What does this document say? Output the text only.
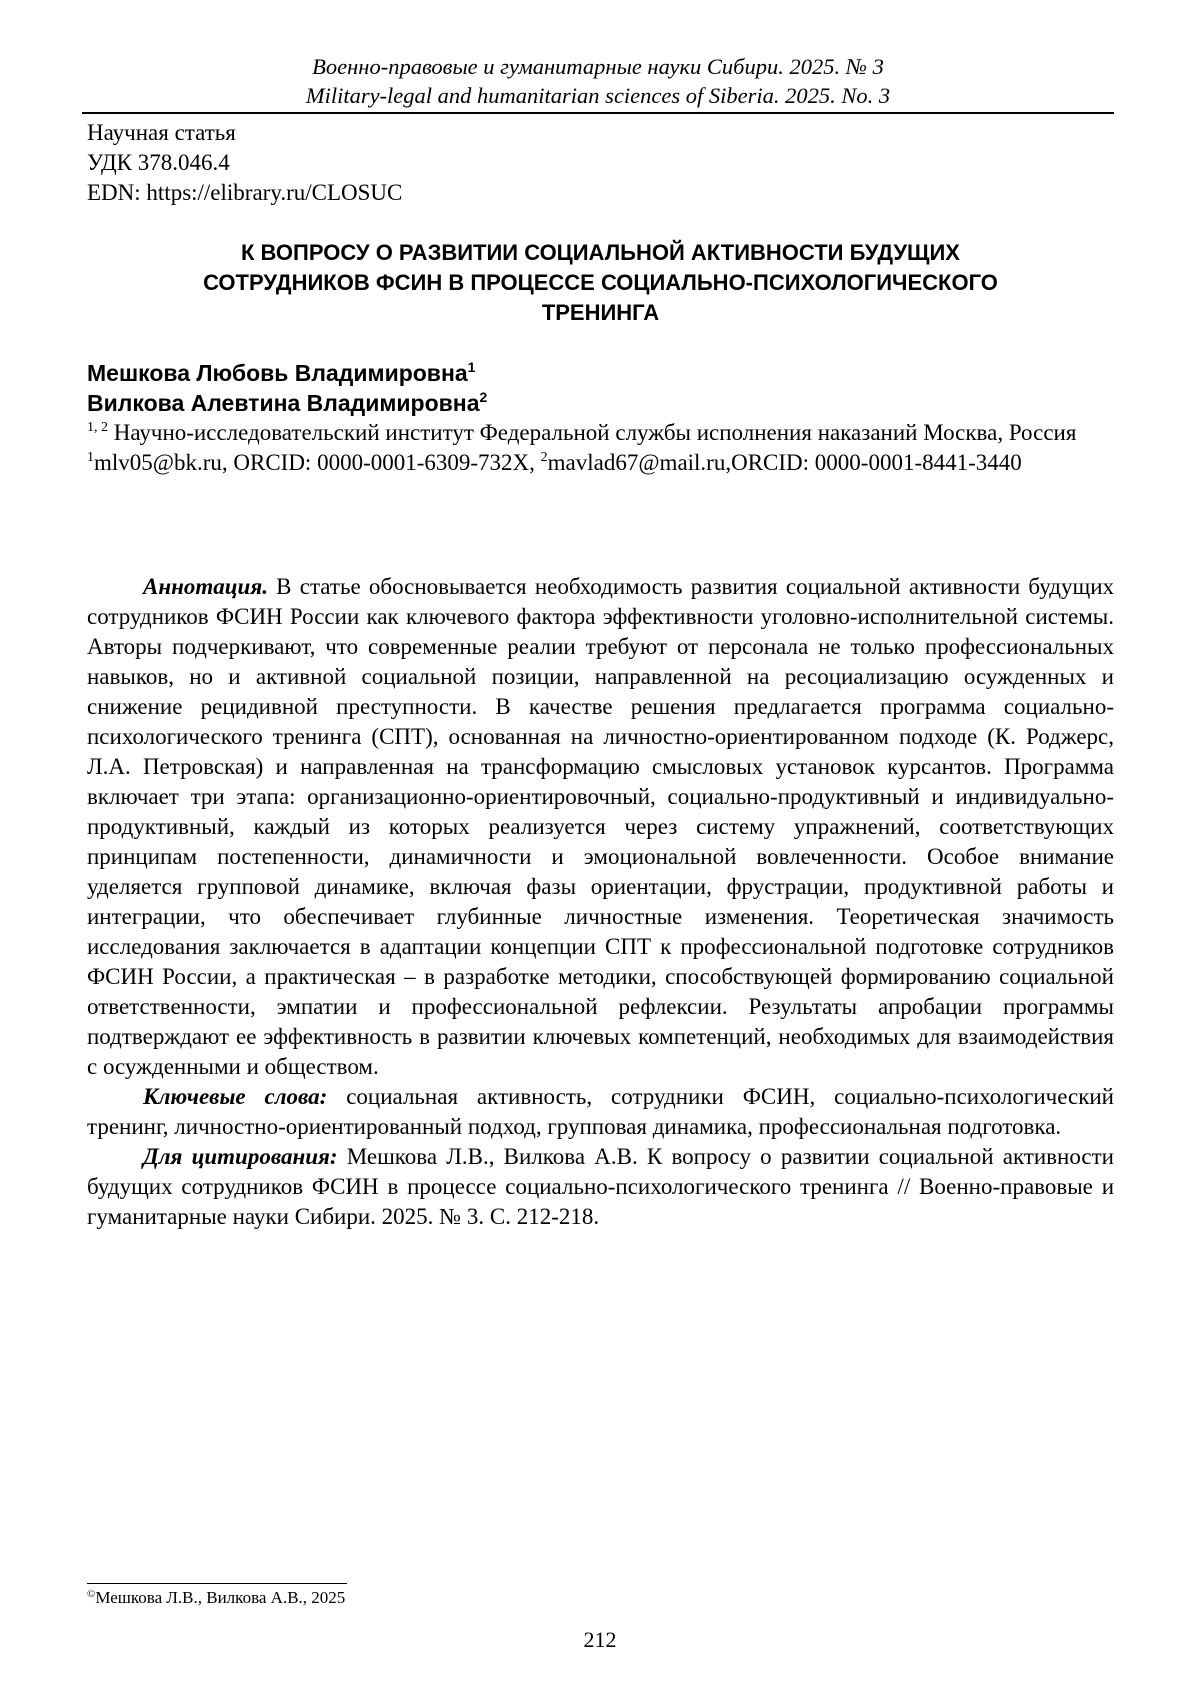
Военно-правовые и гуманитарные науки Сибири. 2025. № 3
Military-legal and humanitarian sciences of Siberia. 2025. No. 3
Научная статья
УДК 378.046.4
EDN: https://elibrary.ru/CLOSUC
К ВОПРОСУ О РАЗВИТИИ СОЦИАЛЬНОЙ АКТИВНОСТИ БУДУЩИХ
СОТРУДНИКОВ ФСИН В ПРОЦЕССЕ СОЦИАЛЬНО-ПСИХОЛОГИЧЕСКОГО
ТРЕНИНГА
Мешкова Любовь Владимировна$^1$
Вилкова Алевтина Владимировна$^2$
$^{1, 2}$ Научно-исследовательский институт Федеральной службы исполнения наказаний Москва, Россия
$^1$mlv05@bk.ru, ORCID: 0000-0001-6309-732X, $^2$mavlad67@mail.ru,ORCID: 0000-0001-8441-3440

Аннотация. В статье обосновывается необходимость развития социальной активности будущих сотрудников ФСИН России как ключевого фактора эффективности уголовно-исполнительной системы. Авторы подчеркивают, что современные реалии требуют от персонала не только профессиональных навыков, но и активной социальной позиции, направленной на ресоциализацию осужденных и снижение рецидивной преступности. В качестве решения предлагается программа социально-психологического тренинга (СПТ), основанная на личностно-ориентированном подходе (К. Роджерс, Л.А. Петровская) и направленная на трансформацию смысловых установок курсантов. Программа включает три этапа: организационно-ориентировочный, социально-продуктивный и индивидуально-продуктивный, каждый из которых реализуется через систему упражнений, соответствующих принципам постепенности, динамичности и эмоциональной вовлеченности. Особое внимание уделяется групповой динамике, включая фазы ориентации, фрустрации, продуктивной работы и интеграции, что обеспечивает глубинные личностные изменения. Теоретическая значимость исследования заключается в адаптации концепции СПТ к профессиональной подготовке сотрудников ФСИН России, а практическая – в разработке методики, способствующей формированию социальной ответственности, эмпатии и профессиональной рефлексии. Результаты апробации программы подтверждают ее эффективность в развитии ключевых компетенций, необходимых для взаимодействия с осужденными и обществом.

Ключевые слова: социальная активность, сотрудники ФСИН, социально-психологический тренинг, личностно-ориентированный подход, групповая динамика, профессиональная подготовка.

Для цитирования: Мешкова Л.В., Вилкова А.В. К вопросу о развитии социальной активности будущих сотрудников ФСИН в процессе социально-психологического тренинга // Военно-правовые и гуманитарные науки Сибири. 2025. № 3. С. 212-218.

©Мешкова Л.В., Вилкова А.В., 2025
212
